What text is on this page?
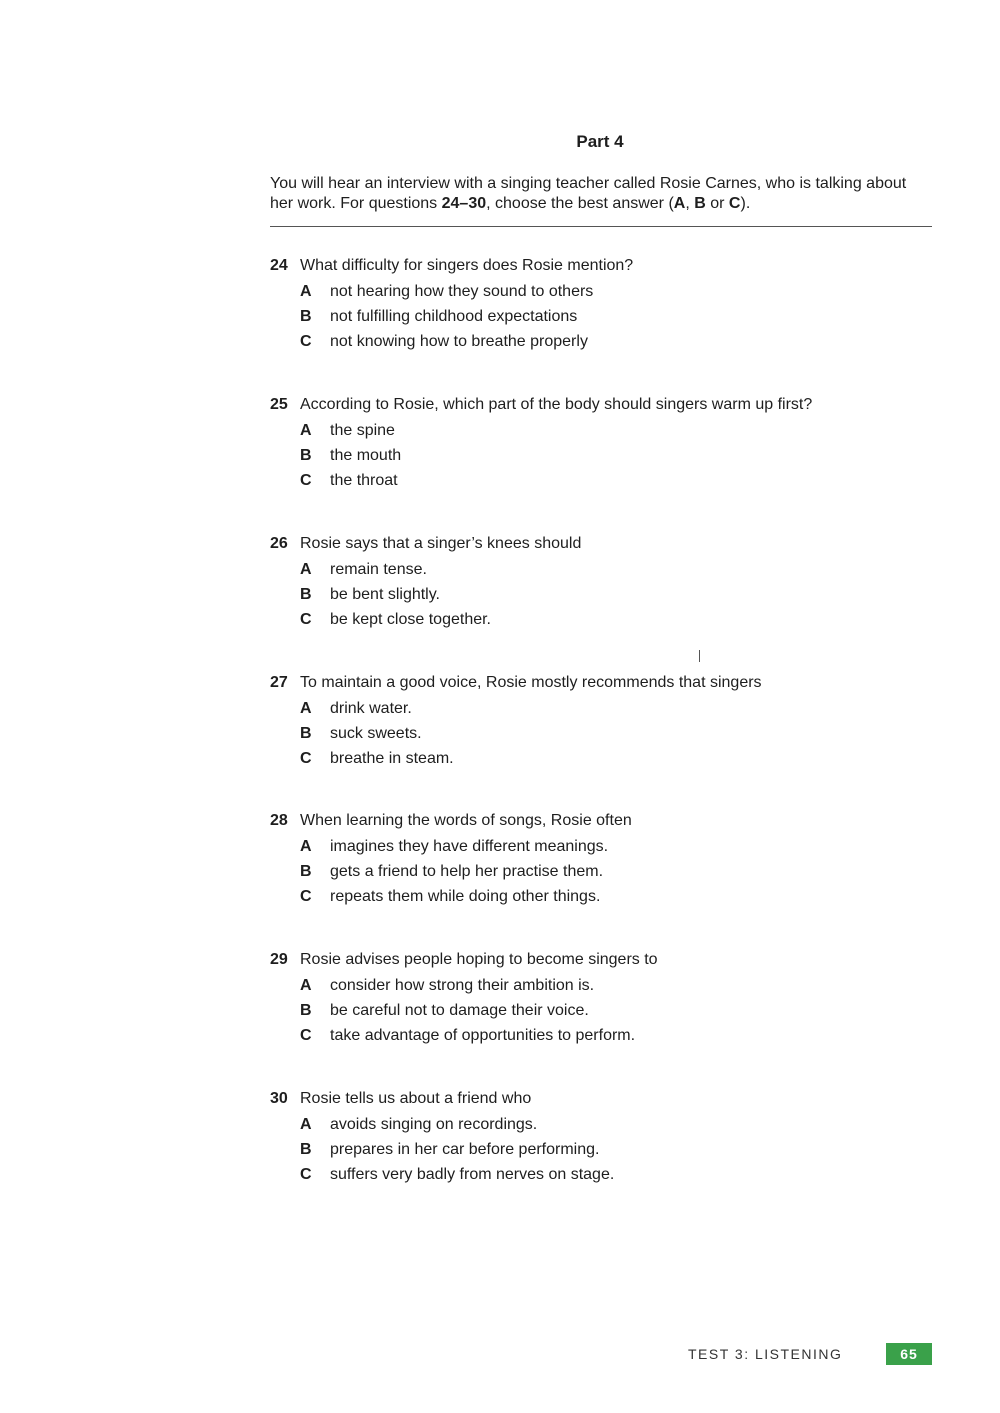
Part 4
You will hear an interview with a singing teacher called Rosie Carnes, who is talking about her work. For questions 24–30, choose the best answer (A, B or C).
24 What difficulty for singers does Rosie mention?
A not hearing how they sound to others
B not fulfilling childhood expectations
C not knowing how to breathe properly
25 According to Rosie, which part of the body should singers warm up first?
A the spine
B the mouth
C the throat
26 Rosie says that a singer’s knees should
A remain tense.
B be bent slightly.
C be kept close together.
27 To maintain a good voice, Rosie mostly recommends that singers
A drink water.
B suck sweets.
C breathe in steam.
28 When learning the words of songs, Rosie often
A imagines they have different meanings.
B gets a friend to help her practise them.
C repeats them while doing other things.
29 Rosie advises people hoping to become singers to
A consider how strong their ambition is.
B be careful not to damage their voice.
C take advantage of opportunities to perform.
30 Rosie tells us about a friend who
A avoids singing on recordings.
B prepares in her car before performing.
C suffers very badly from nerves on stage.
TEST 3: LISTENING	65
